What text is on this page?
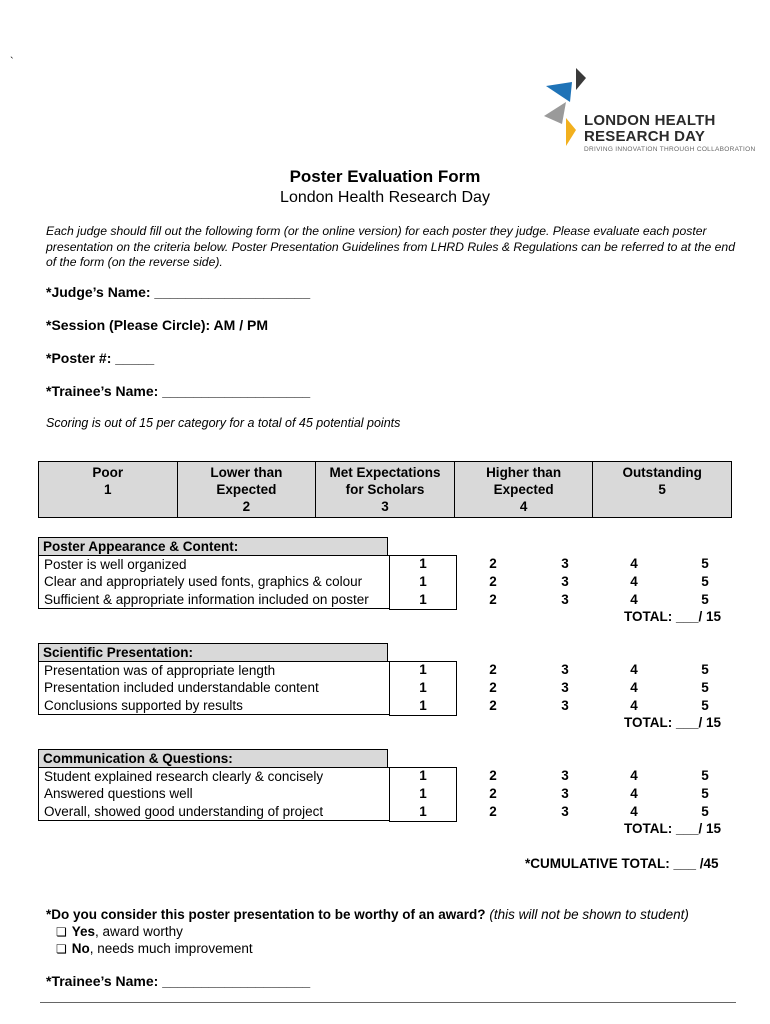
`
LONDON HEALTH
RESEARCH DAY
DRIVING INNOVATION THROUGH COLLABORATION
Poster Evaluation Form
London Health Research Day
Each judge should fill out the following form (or the online version) for each poster they judge. Please evaluate each poster presentation on the criteria below. Poster Presentation Guidelines from LHRD Rules & Regulations can be referred to at the end of the form (on the reverse side).
*Judge’s Name: ____________________
*Session (Please Circle): AM / PM
*Poster #: _____
*Trainee’s Name: ___________________
Scoring is out of 15 per category for a total of 45 potential points
Poor
1

Lower than
Expected
2

Met Expectations
for Scholars
3

Higher than
Expected
4

Outstanding
5
Poster Appearance & Content:
Poster is well organized	1	2	3	4	5
Clear and appropriately used fonts, graphics & colour	1	2	3	4	5
Sufficient & appropriate information included on poster	1	2	3	4	5
TOTAL: ___/ 15
Scientific Presentation:
Presentation was of appropriate length	1	2	3	4	5
Presentation included understandable content	1	2	3	4	5
Conclusions supported by results	1	2	3	4	5
TOTAL: ___/ 15
Communication & Questions:
Student explained research clearly & concisely	1	2	3	4	5
Answered questions well	1	2	3	4	5
Overall, showed good understanding of project	1	2	3	4	5
TOTAL: ___/ 15
*CUMULATIVE TOTAL: ___ /45
*Do you consider this poster presentation to be worthy of an award? (this will not be shown to student)
❏ Yes, award worthy
❏ No, needs much improvement
*Trainee’s Name: ___________________
